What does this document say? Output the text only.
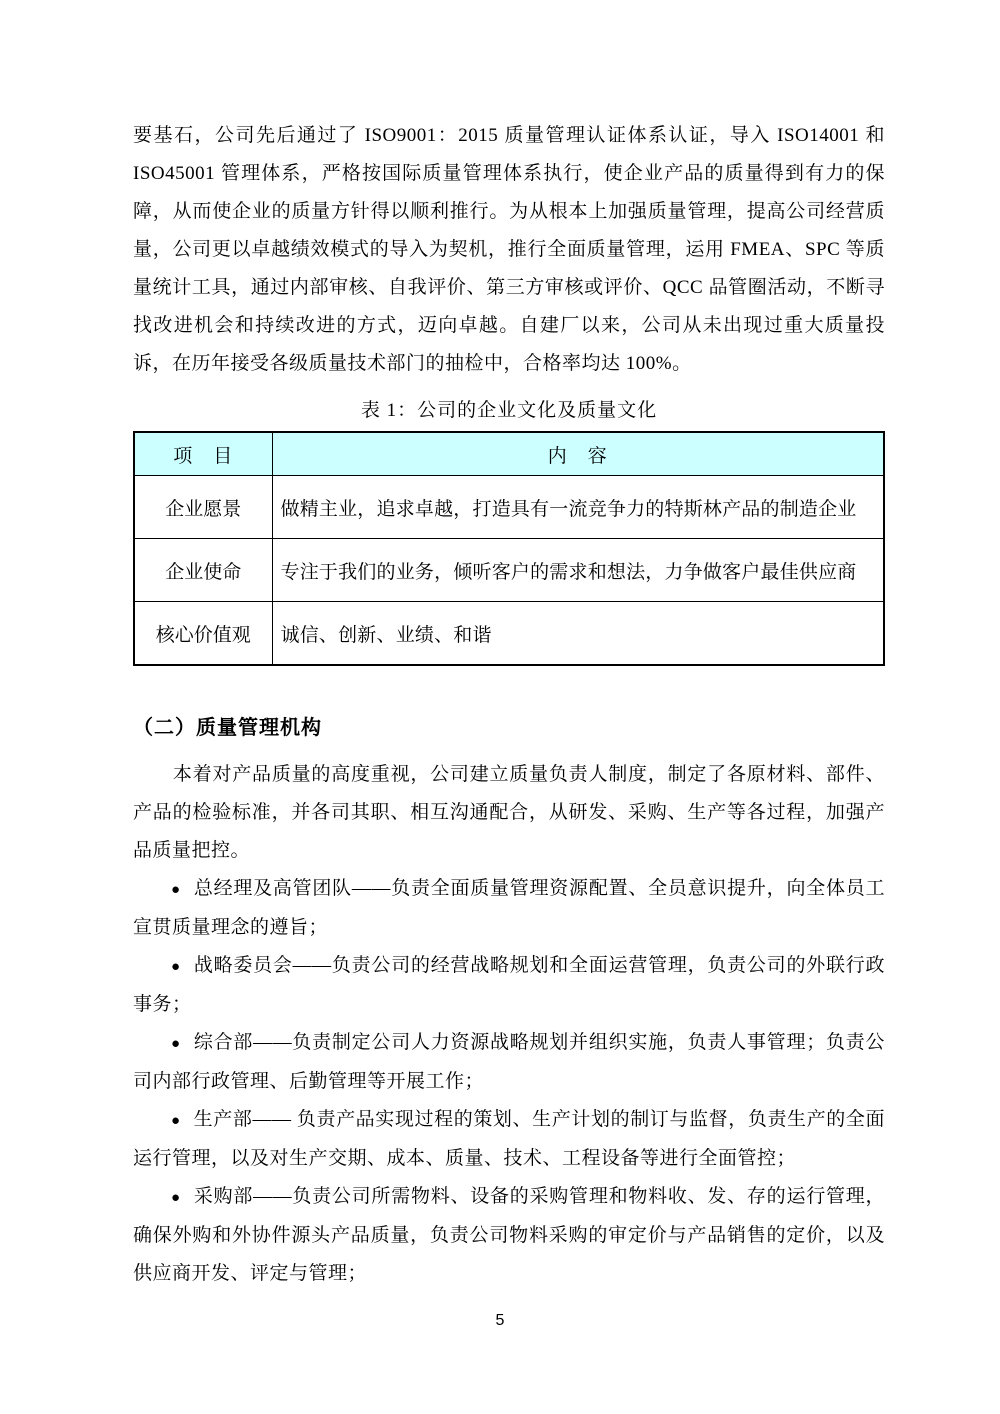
要基石，公司先后通过了 ISO9001：2015 质量管理认证体系认证，导入 ISO14001 和 ISO45001 管理体系，严格按国际质量管理体系执行，使企业产品的质量得到有力的保障，从而使企业的质量方针得以顺利推行。为从根本上加强质量管理，提高公司经营质量，公司更以卓越绩效模式的导入为契机，推行全面质量管理，运用 FMEA、SPC 等质量统计工具，通过内部审核、自我评价、第三方审核或评价、QCC 品管圈活动，不断寻找改进机会和持续改进的方式，迈向卓越。自建厂以来，公司从未出现过重大质量投诉，在历年接受各级质量技术部门的抽检中，合格率均达 100%。

表 1：公司的企业文化及质量文化

项　目	内　容
企业愿景	做精主业，追求卓越，打造具有一流竞争力的特斯林产品的制造企业
企业使命	专注于我们的业务，倾听客户的需求和想法，力争做客户最佳供应商
核心价值观	诚信、创新、业绩、和谐

（二）质量管理机构

本着对产品质量的高度重视，公司建立质量负责人制度，制定了各原材料、部件、产品的检验标准，并各司其职、相互沟通配合，从研发、采购、生产等各过程，加强产品质量把控。

● 总经理及高管团队——负责全面质量管理资源配置、全员意识提升，向全体员工宣贯质量理念的遵旨；

● 战略委员会——负责公司的经营战略规划和全面运营管理，负责公司的外联行政事务；

● 综合部——负责制定公司人力资源战略规划并组织实施，负责人事管理；负责公司内部行政管理、后勤管理等开展工作；

● 生产部—— 负责产品实现过程的策划、生产计划的制订与监督，负责生产的全面运行管理，以及对生产交期、成本、质量、技术、工程设备等进行全面管控；

● 采购部——负责公司所需物料、设备的采购管理和物料收、发、存的运行管理，确保外购和外协件源头产品质量，负责公司物料采购的审定价与产品销售的定价，以及供应商开发、评定与管理；

5
